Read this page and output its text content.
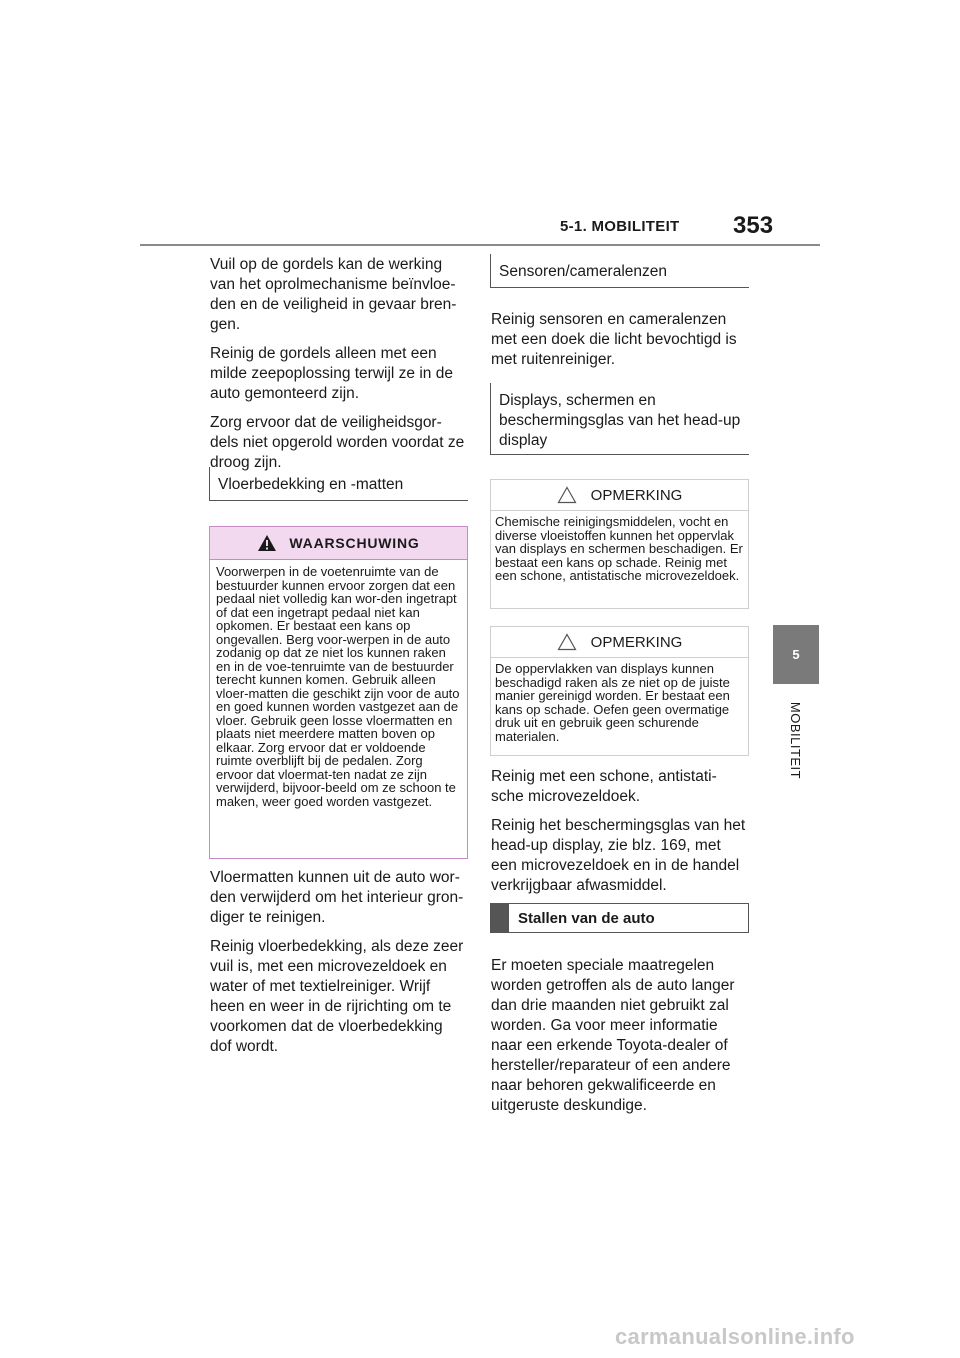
5-1. MOBILITEIT 353
5
MOBILITEIT

Vuil op de gordels kan de werking van het oprolmechanisme beïnvloe-den en de veiligheid in gevaar bren-gen.

Reinig de gordels alleen met een milde zeepoplossing terwijl ze in de auto gemonteerd zijn.

Zorg ervoor dat de veiligheidsgor-dels niet opgerold worden voordat ze droog zijn.

Vloerbedekking en -matten
WAARSCHUWING
Voorwerpen in de voetenruimte van de bestuurder kunnen ervoor zorgen dat een pedaal niet volledig kan wor-den ingetrapt of dat een ingetrapt pedaal niet kan opkomen. Er bestaat een kans op ongevallen. Berg voor-werpen in de auto zodanig op dat ze niet los kunnen raken en in de voe-tenruimte van de bestuurder terecht kunnen komen. Gebruik alleen vloer-matten die geschikt zijn voor de auto en goed kunnen worden vastgezet aan de vloer. Gebruik geen losse vloermatten en plaats niet meerdere matten boven op elkaar. Zorg ervoor dat er voldoende ruimte overblijft bij de pedalen. Zorg ervoor dat vloermat-ten nadat ze zijn verwijderd, bijvoor-beeld om ze schoon te maken, weer goed worden vastgezet.

Vloermatten kunnen uit de auto wor-den verwijderd om het interieur gron-diger te reinigen.

Reinig vloerbedekking, als deze zeer vuil is, met een microvezeldoek en water of met textielreiniger. Wrijf heen en weer in de rijrichting om te voorkomen dat de vloerbedekking dof wordt.

Sensoren/cameralenzen

Reinig sensoren en cameralenzen met een doek die licht bevochtigd is met ruitenreiniger.

Displays, schermen en beschermingsglas van het head-up display
OPMERKING
Chemische reinigingsmiddelen, vocht en diverse vloeistoffen kunnen het oppervlak van displays en schermen beschadigen. Er bestaat een kans op schade. Reinig met een schone, antistatische microvezeldoek.
OPMERKING
De oppervlakken van displays kunnen beschadigd raken als ze niet op de juiste manier gereinigd worden. Er bestaat een kans op schade. Oefen geen overmatige druk uit en gebruik geen schurende materialen.

Reinig met een schone, antistati-sche microvezeldoek.

Reinig het beschermingsglas van het head-up display, zie blz. 169, met een microvezeldoek en in de handel verkrijgbaar afwasmiddel.

Stallen van de auto

Er moeten speciale maatregelen worden getroffen als de auto langer dan drie maanden niet gebruikt zal worden. Ga voor meer informatie naar een erkende Toyota-dealer of hersteller/reparateur of een andere naar behoren gekwalificeerde en uitgeruste deskundige.

carmanualsonline.info
